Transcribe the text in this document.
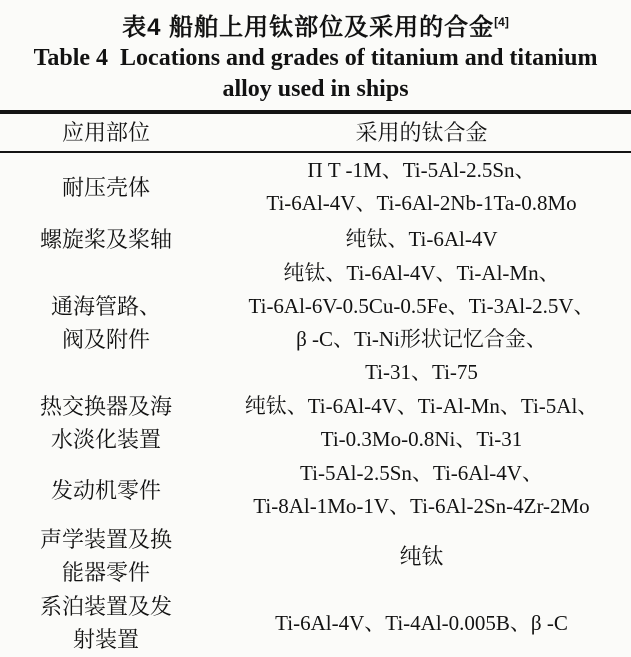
表4 船舶上用钛部位及采用的合金[4]
Table 4  Locations and grades of titanium and titanium
alloy used in ships
应用部位	采用的钛合金
耐压壳体
Π T -1M、Ti-5Al-2.5Sn、
Ti-6Al-4V、Ti-6Al-2Nb-1Ta-0.8Mo
螺旋桨及桨轴	纯钛、Ti-6Al-4V
通海管路、
阀及附件
纯钛、Ti-6Al-4V、Ti-Al-Mn、
Ti-6Al-6V-0.5Cu-0.5Fe、Ti-3Al-2.5V、
β -C、Ti-Ni形状记忆合金、
Ti-31、Ti-75
热交换器及海
水淡化装置
纯钛、Ti-6Al-4V、Ti-Al-Mn、Ti-5Al、
Ti-0.3Mo-0.8Ni、Ti-31
发动机零件
Ti-5Al-2.5Sn、Ti-6Al-4V、
Ti-8Al-1Mo-1V、Ti-6Al-2Sn-4Zr-2Mo
声学装置及换
能器零件
纯钛
系泊装置及发
射装置
Ti-6Al-4V、Ti-4Al-0.005B、β -C
